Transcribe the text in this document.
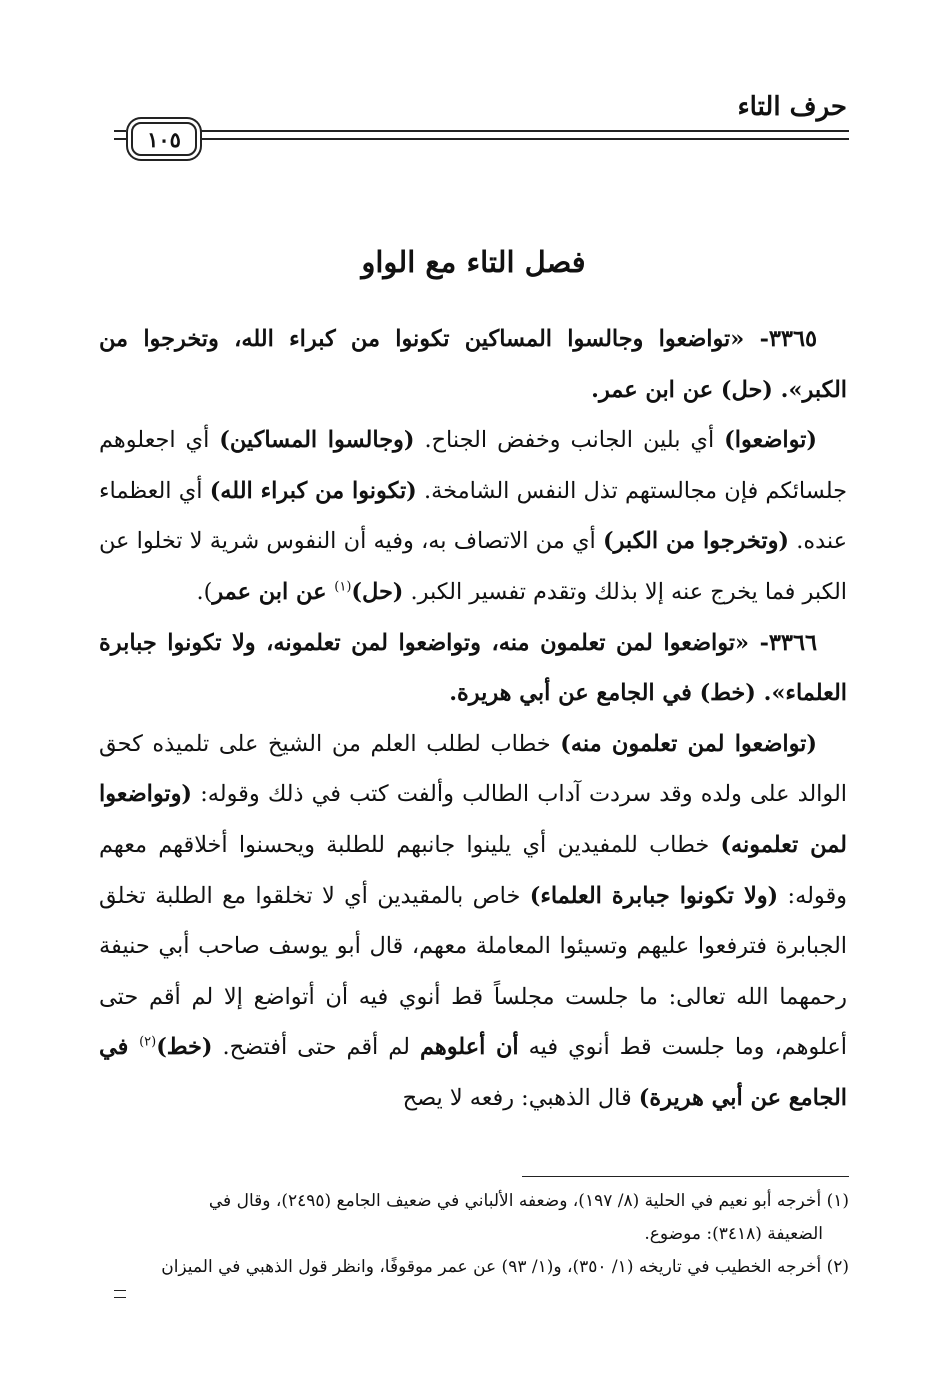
حرف التاء
١٠٥
فصل التاء مع الواو

٣٣٦٥- «تواضعوا وجالسوا المساكين تكونوا من كبراء الله، وتخرجوا من الكبر». (حل) عن ابن عمر.

(تواضعوا) أي بلين الجانب وخفض الجناح. (وجالسوا المساكين) أي اجعلوهم جلسائكم فإن مجالستهم تذل النفس الشامخة. (تكونوا من كبراء الله) أي العظماء عنده. (وتخرجوا من الكبر) أي من الاتصاف به، وفيه أن النفوس شرية لا تخلوا عن الكبر فما يخرج عنه إلا بذلك وتقدم تفسير الكبر. (حل)$^{(١)}$ عن ابن عمر).

٣٣٦٦- «تواضعوا لمن تعلمون منه، وتواضعوا لمن تعلمونه، ولا تكونوا جبابرة العلماء». (خط) في الجامع عن أبي هريرة.

(تواضعوا لمن تعلمون منه) خطاب لطلب العلم من الشيخ على تلميذه كحق الوالد على ولده وقد سردت آداب الطالب وألفت كتب في ذلك وقوله: (وتواضعوا لمن تعلمونه) خطاب للمفيدين أي يلينوا جانبهم للطلبة ويحسنوا أخلاقهم معهم وقوله: (ولا تكونوا جبابرة العلماء) خاص بالمقيدين أي لا تخلقوا مع الطلبة تخلق الجبابرة فترفعوا عليهم وتسيئوا المعاملة معهم، قال أبو يوسف صاحب أبي حنيفة رحمهما الله تعالى: ما جلست مجلساً قط أنوي فيه أن أتواضع إلا لم أقم حتى أعلوهم، وما جلست قط أنوي فيه أن أعلوهم لم أقم حتى أفتضح. (خط)$^{(٢)}$ في الجامع عن أبي هريرة) قال الذهبي: رفعه لا يصح

(١) أخرجه أبو نعيم في الحلية (٨/ ١٩٧)، وضعفه الألباني في ضعيف الجامع (٢٤٩٥)، وقال في

الضعيفة (٣٤١٨): موضوع.

(٢) أخرجه الخطيب في تاريخه (١/ ٣٥٠)، و(١/ ٩٣) عن عمر موقوفًا، وانظر قول الذهبي في الميزان
